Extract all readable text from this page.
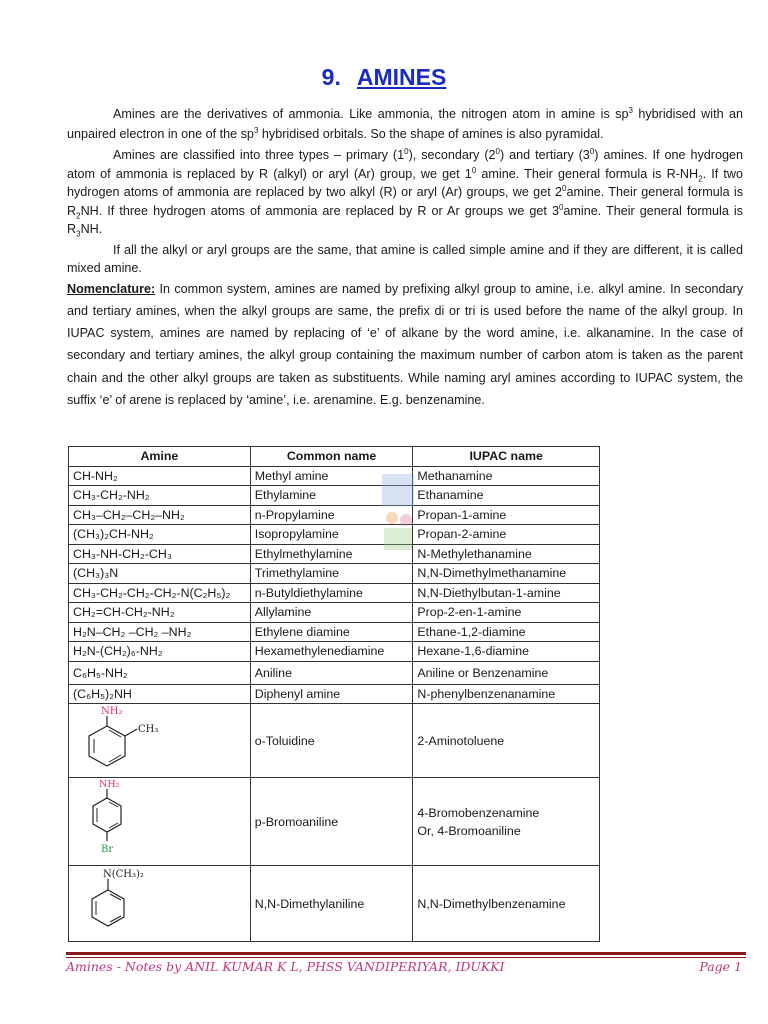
9. AMINES

Amines are the derivatives of ammonia. Like ammonia, the nitrogen atom in amine is $sp^3$ hybridised with an unpaired electron in one of the $sp^3$ hybridised orbitals. So the shape of amines is also pyramidal.

Amines are classified into three types – primary $(1^0)$, secondary $(2^0)$ and tertiary $(3^0)$ amines. If one hydrogen atom of ammonia is replaced by R (alkyl) or aryl (Ar) group, we get $1^0$ amine. Their general formula is $R-NH_2$. If two hydrogen atoms of ammonia are replaced by two alkyl (R) or aryl (Ar) groups, we get $2^0amine$. Their general formula is $R_2NH$. If three hydrogen atoms of ammonia are replaced by R or Ar groups we get $3^0amine$. Their general formula is $R_3NH$.

If all the alkyl or aryl groups are the same, that amine is called simple amine and if they are different, it is called mixed amine.

Nomenclature: In common system, amines are named by prefixing alkyl group to amine, i.e. alkyl amine. In secondary and tertiary amines, when the alkyl groups are same, the prefix di or tri is used before the name of the alkyl group. In IUPAC system, amines are named by replacing of ‘e’ of alkane by the word amine, i.e. alkanamine. In the case of secondary and tertiary amines, the alkyl group containing the maximum number of carbon atom is taken as the parent chain and the other alkyl groups are taken as substituents. While naming aryl amines according to IUPAC system, the suffix ‘e’ of arene is replaced by ‘amine’, i.e. arenamine. E.g. benzenamine.

Amine	Common name	IUPAC name
CH-NH₂	Methyl amine	Methanamine
CH₃-CH₂-NH₂	Ethylamine	Ethanamine
CH₃–CH₂–CH₂–NH₂	n-Propylamine	Propan-1-amine
(CH₃)₂CH-NH₂	Isopropylamine	Propan-2-amine
CH₃-NH-CH₂-CH₃	Ethylmethylamine	N-Methylethanamine
(CH₃)₃N	Trimethylamine	N,N-Dimethylmethanamine
CH₃-CH₂-CH₂-CH₂-N(C₂H₅)₂	n-Butyldiethylamine	N,N-Diethylbutan-1-amine
CH₂=CH-CH₂-NH₂	Allylamine	Prop-2-en-1-amine
H₂N–CH₂ –CH₂ –NH₂	Ethylene diamine	Ethane-1,2-diamine
H₂N-(CH₂)₆-NH₂	Hexamethylenediamine	Hexane-1,6-diamine
C₆H₅-NH₂	Aniline	Aniline or Benzenamine
(C₆H₅)₂NH	Diphenyl amine	N-phenylbenzenanamine

NH₂
CH₃	o-Toluidine	2-Aminotoluene

NH₂
Br	p-Bromoaniline	4-Bromobenzenamine
Or, 4-Bromoaniline

N(CH₃)₂	N,N-Dimethylaniline	N,N-Dimethylbenzenamine
Amines - Notes by ANIL KUMAR K L, PHSS VANDIPERIYAR, IDUKKI	Page 1
